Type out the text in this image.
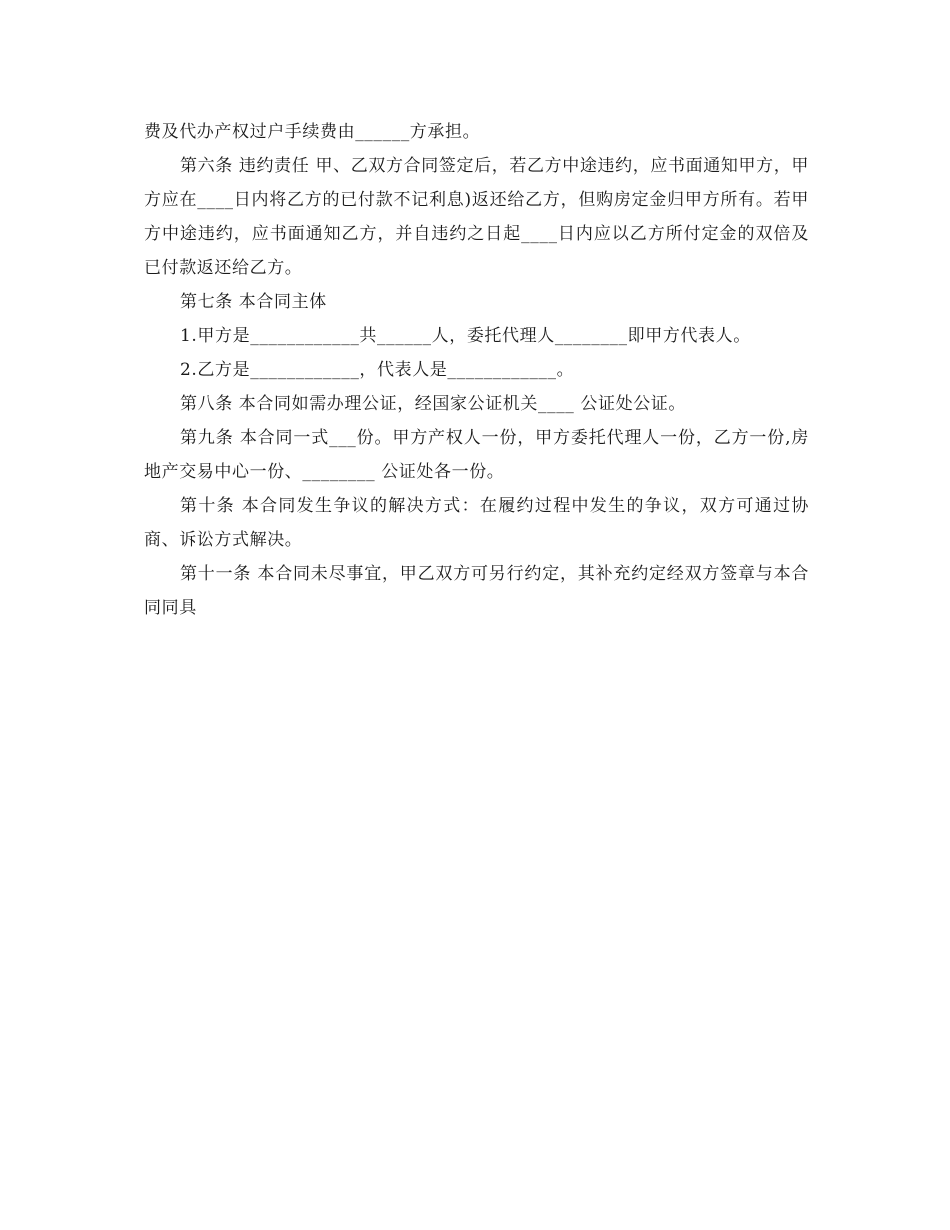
费及代办产权过户手续费由______方承担。

第六条 违约责任 甲、乙双方合同签定后，若乙方中途违约，应书面通知甲方，甲方应在____日内将乙方的已付款不记利息)返还给乙方，但购房定金归甲方所有。若甲方中途违约，应书面通知乙方，并自违约之日起____日内应以乙方所付定金的双倍及已付款返还给乙方。

第七条 本合同主体

1.甲方是____________共______人，委托代理人________即甲方代表人。

2.乙方是____________，代表人是____________。

第八条 本合同如需办理公证，经国家公证机关____ 公证处公证。

第九条 本合同一式___份。甲方产权人一份，甲方委托代理人一份，乙方一份,房地产交易中心一份、________ 公证处各一份。

第十条 本合同发生争议的解决方式：在履约过程中发生的争议，双方可通过协商、诉讼方式解决。

第十一条 本合同未尽事宜，甲乙双方可另行约定，其补充约定经双方签章与本合同同具
